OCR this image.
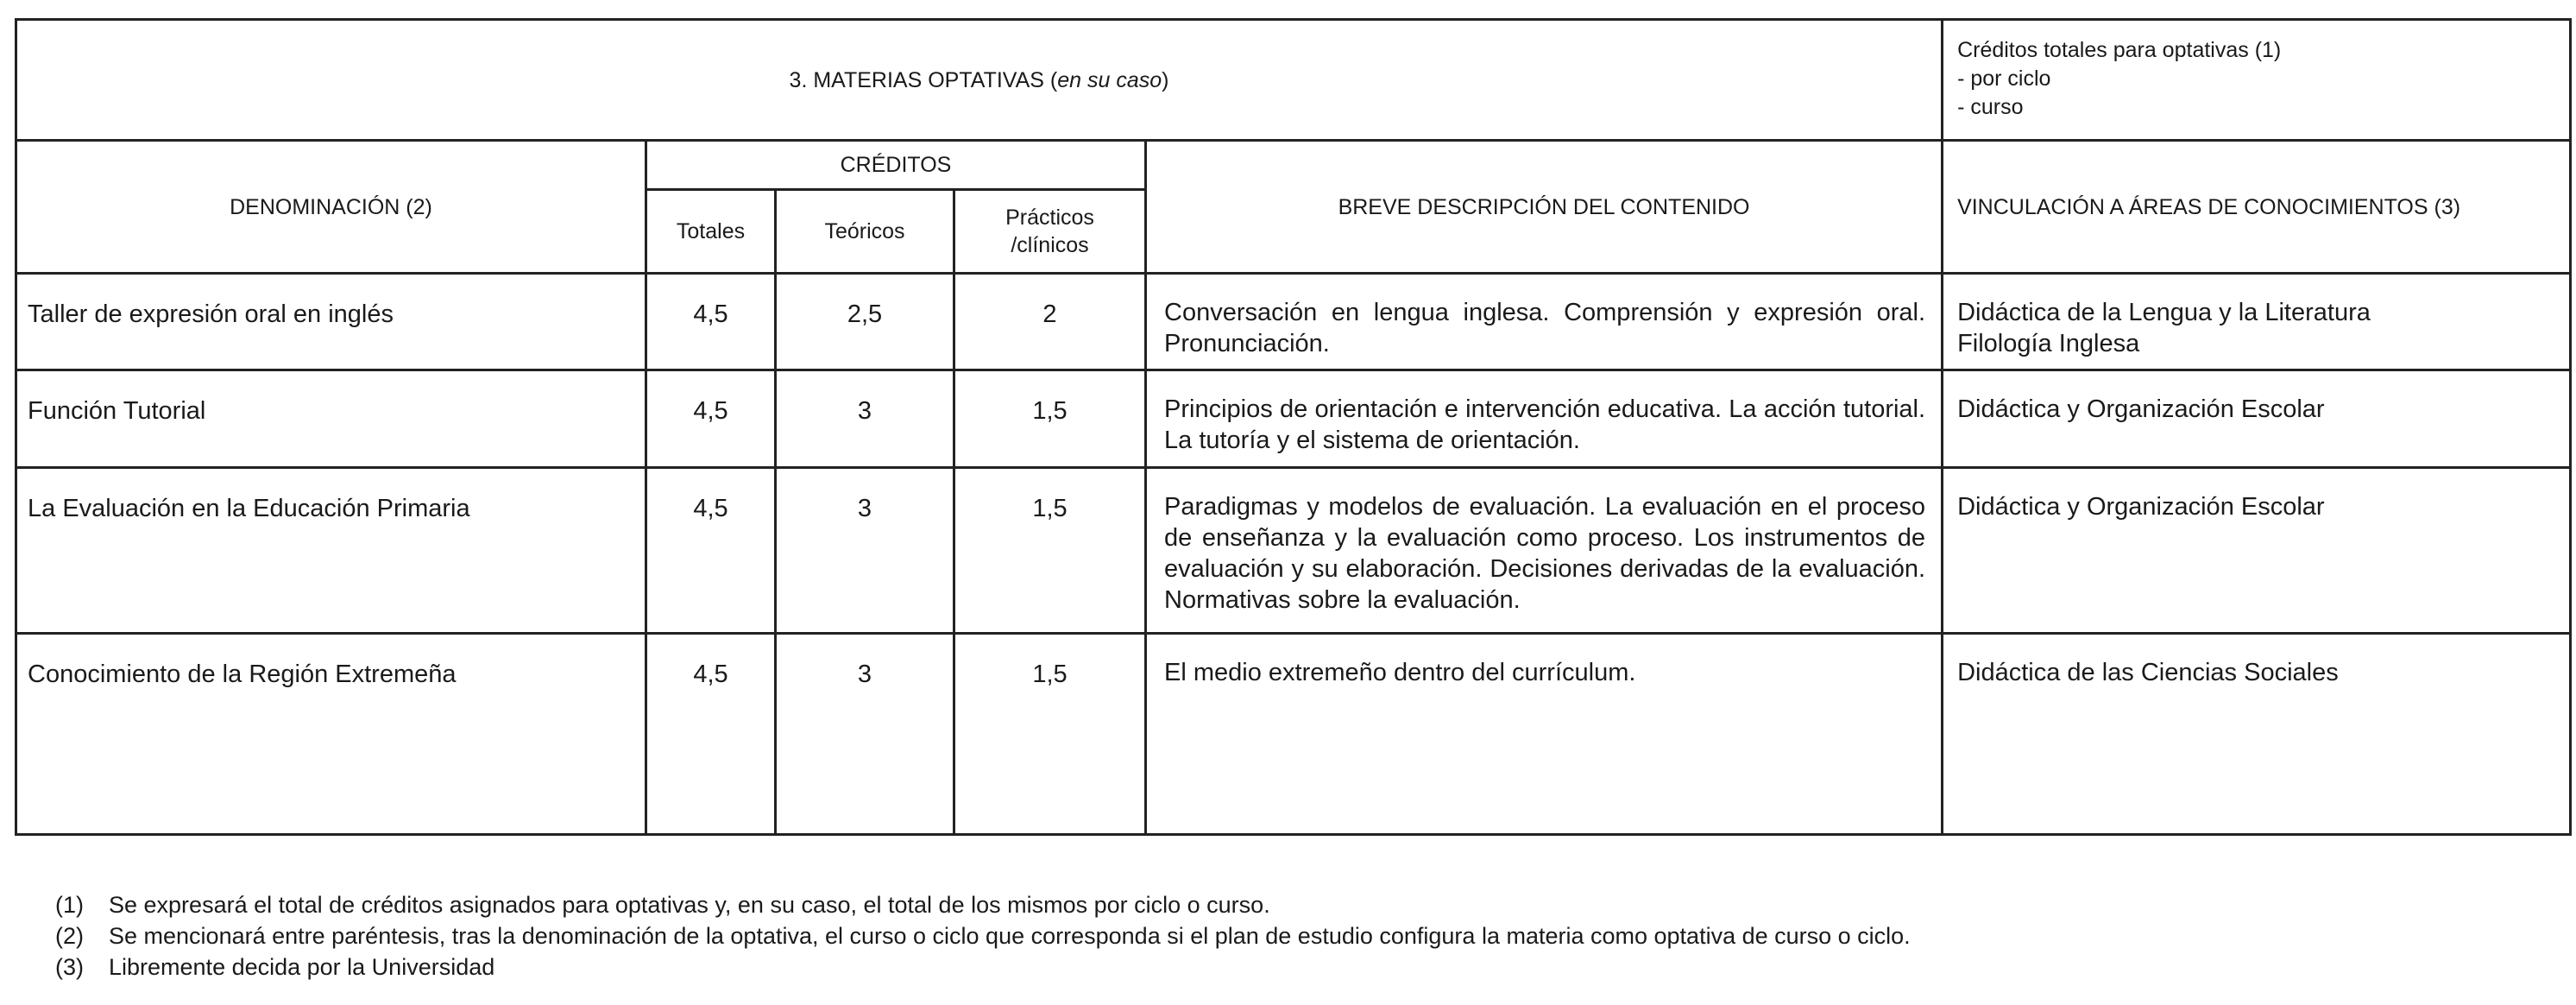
3. MATERIAS OPTATIVAS (en su caso)					Créditos totales para optativas (1)
- por ciclo
- curso

DENOMINACIÓN (2)	CRÉDITOS			BREVE DESCRIPCIÓN DEL CONTENIDO	VINCULACIÓN A ÁREAS DE CONOCIMIENTOS (3)
	Totales	Teóricos	Prácticos
/clínicos		

Taller de expresión oral en inglés	4,5	2,5	2	Conversación en lengua inglesa. Comprensión y expresión oral. Pronunciación.	Didáctica de la Lengua y la Literatura
Filología Inglesa

Función Tutorial	4,5	3	1,5	Principios de orientación e intervención educativa. La acción tutorial. La tutoría y el sistema de orientación.	Didáctica y Organización Escolar

La Evaluación en la Educación Primaria	4,5	3	1,5	Paradigmas y modelos de evaluación. La evaluación en el proceso de enseñanza y la evaluación como proceso. Los instrumentos de evaluación y su elaboración. Decisiones derivadas de la evaluación. Normativas sobre la evaluación.	Didáctica y Organización Escolar

Conocimiento de la Región Extremeña	4,5	3	1,5	El medio extremeño dentro del currículum.	Didáctica de las Ciencias Sociales
(1) Se expresará el total de créditos asignados para optativas y, en su caso, el total de los mismos por ciclo o curso.
(2) Se mencionará entre paréntesis, tras la denominación de la optativa, el curso o ciclo que corresponda si el plan de estudio configura la materia como optativa de curso o ciclo.
(3) Libremente decida por la Universidad
